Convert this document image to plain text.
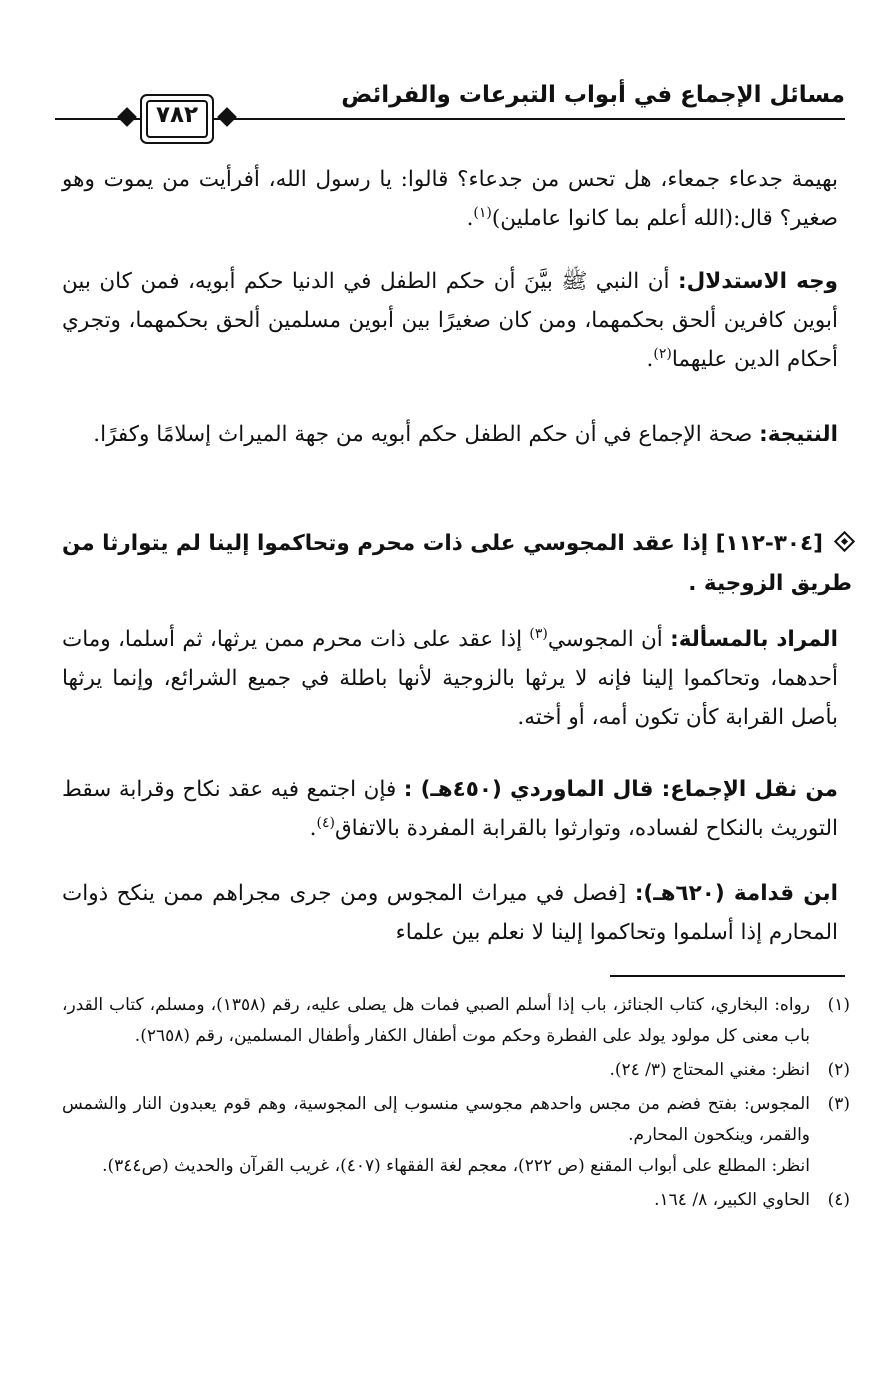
مسائل الإجماع في أبواب التبرعات والفرائض
٧٨٢

بهيمة جدعاء جمعاء، هل تحس من جدعاء؟ قالوا: يا رسول الله، أفرأيت من يموت وهو صغير؟ قال:(الله أعلم بما كانوا عاملين)$^{(١)}$.

وجه الاستدلال: أن النبي ﷺ بيَّنَ أن حكم الطفل في الدنيا حكم أبويه، فمن كان بين أبوين كافرين ألحق بحكمهما، ومن كان صغيرًا بين أبوين مسلمين ألحق بحكمهما، وتجري أحكام الدين عليهما$^{(٢)}$.

النتيجة: صحة الإجماع في أن حكم الطفل حكم أبويه من جهة الميراث إسلامًا وكفرًا.

[٣٠٤-١١٢] إذا عقد المجوسي على ذات محرم وتحاكموا إلينا لم يتوارثا من طريق الزوجية .

المراد بالمسألة: أن المجوسي$^{(٣)}$ إذا عقد على ذات محرم ممن يرثها، ثم أسلما، ومات أحدهما، وتحاكموا إلينا فإنه لا يرثها بالزوجية لأنها باطلة في جميع الشرائع، وإنما يرثها بأصل القرابة كأن تكون أمه، أو أخته.

من نقل الإجماع: قال الماوردي (٤٥٠هـ) : فإن اجتمع فيه عقد نكاح وقرابة سقط التوريث بالنكاح لفساده، وتوارثوا بالقرابة المفردة بالاتفاق$^{(٤)}$.

ابن قدامة (٦٢٠هـ): [فصل في ميراث المجوس ومن جرى مجراهم ممن ينكح ذوات المحارم إذا أسلموا وتحاكموا إلينا لا نعلم بين علماء

(١)

رواه: البخاري، كتاب الجنائز، باب إذا أسلم الصبي فمات هل يصلى عليه، رقم (١٣٥٨)، ومسلم، كتاب القدر، باب معنى كل مولود يولد على الفطرة وحكم موت أطفال الكفار وأطفال المسلمين، رقم (٢٦٥٨).

(٢)

انظر: مغني المحتاج (٣/ ٢٤).

(٣)

المجوس: بفتح فضم من مجس واحدهم مجوسي منسوب إلى المجوسية، وهم قوم يعبدون النار والشمس والقمر، وينكحون المحارم.

انظر: المطلع على أبواب المقنع (ص ٢٢٢)، معجم لغة الفقهاء (٤٠٧)، غريب القرآن والحديث (ص٣٤٤).

(٤)

الحاوي الكبير، ٨/ ١٦٤.
